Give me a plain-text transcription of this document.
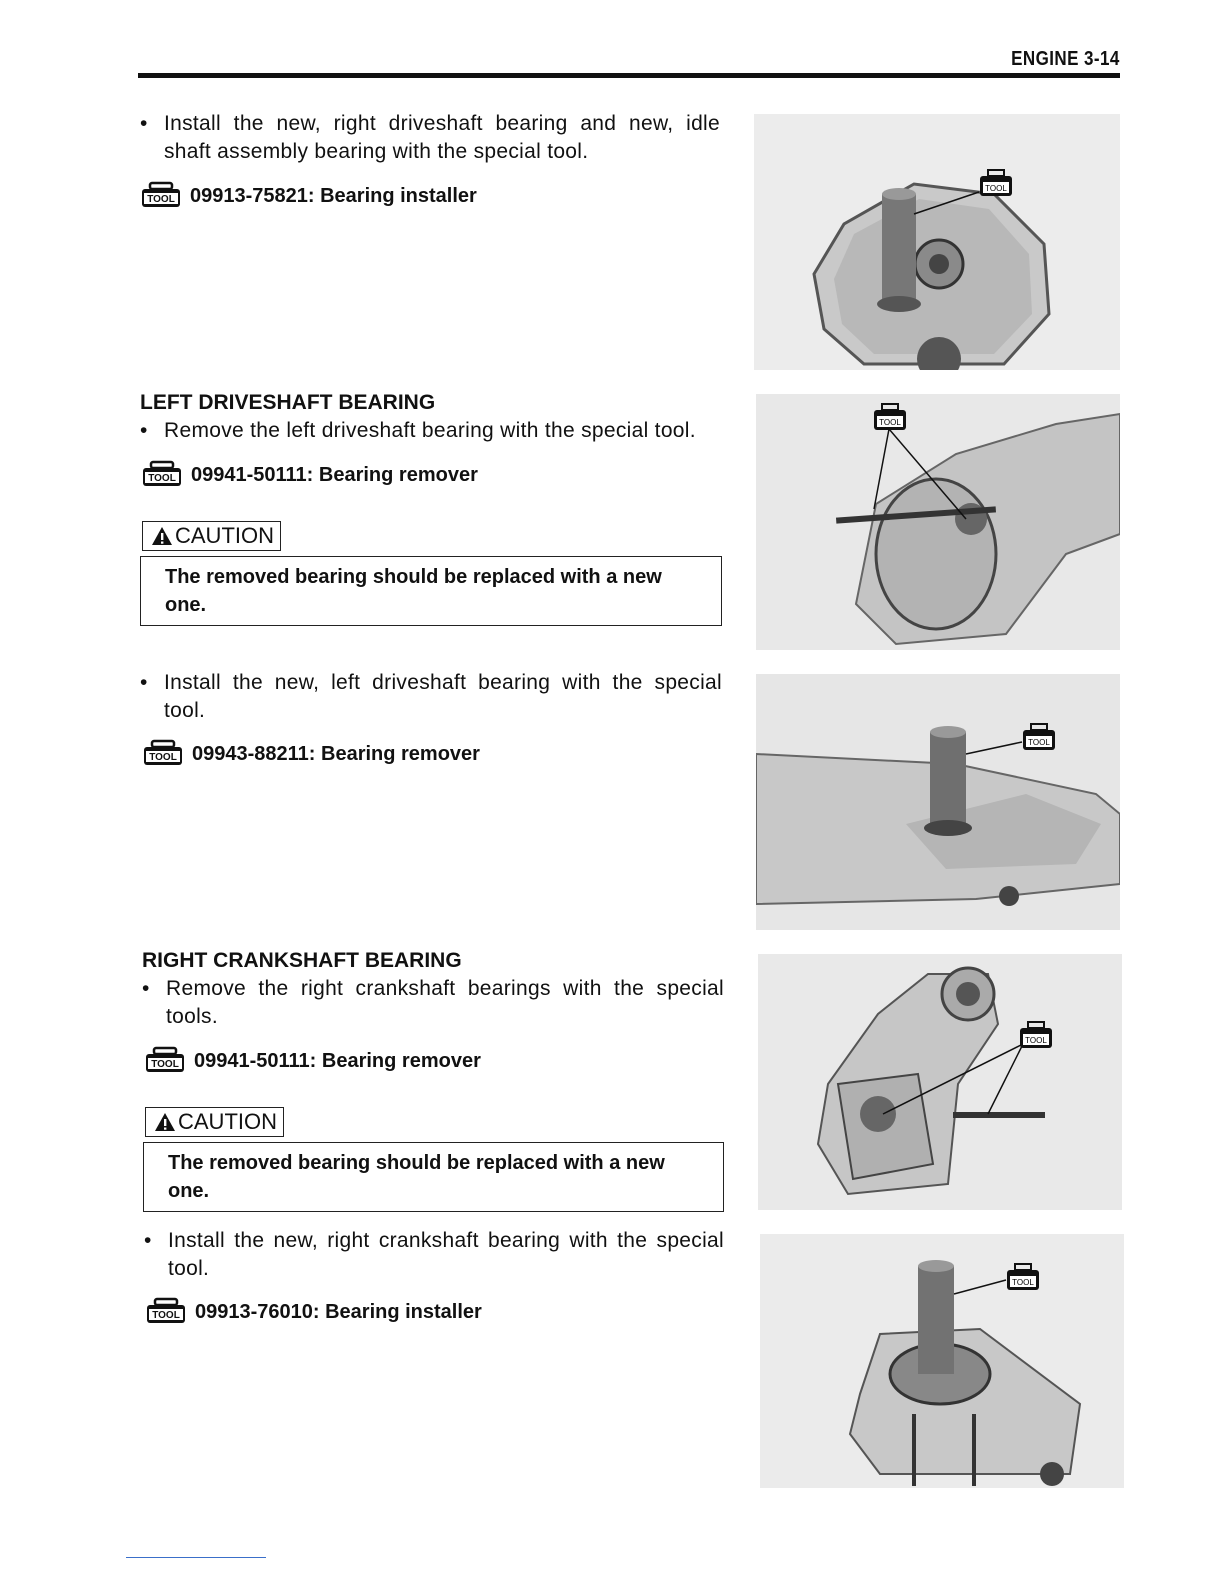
ENGINE 3-14
• Install the new, right driveshaft bearing and new, idle shaft assembly bearing with the special tool.
TOOL 09913-75821: Bearing installer
LEFT DRIVESHAFT BEARING
• Remove the left driveshaft bearing with the special tool.
TOOL 09941-50111: Bearing remover
CAUTION
The removed bearing should be replaced with a new one.
• Install the new, left driveshaft bearing with the special tool.
TOOL 09943-88211: Bearing remover
RIGHT CRANKSHAFT BEARING
• Remove the right crankshaft bearings with the special tools.
TOOL 09941-50111: Bearing remover
CAUTION
The removed bearing should be replaced with a new one.
• Install the new, right crankshaft bearing with the special tool.
TOOL 09913-76010: Bearing installer
TOOL
TOOL
TOOL
TOOL
TOOL
